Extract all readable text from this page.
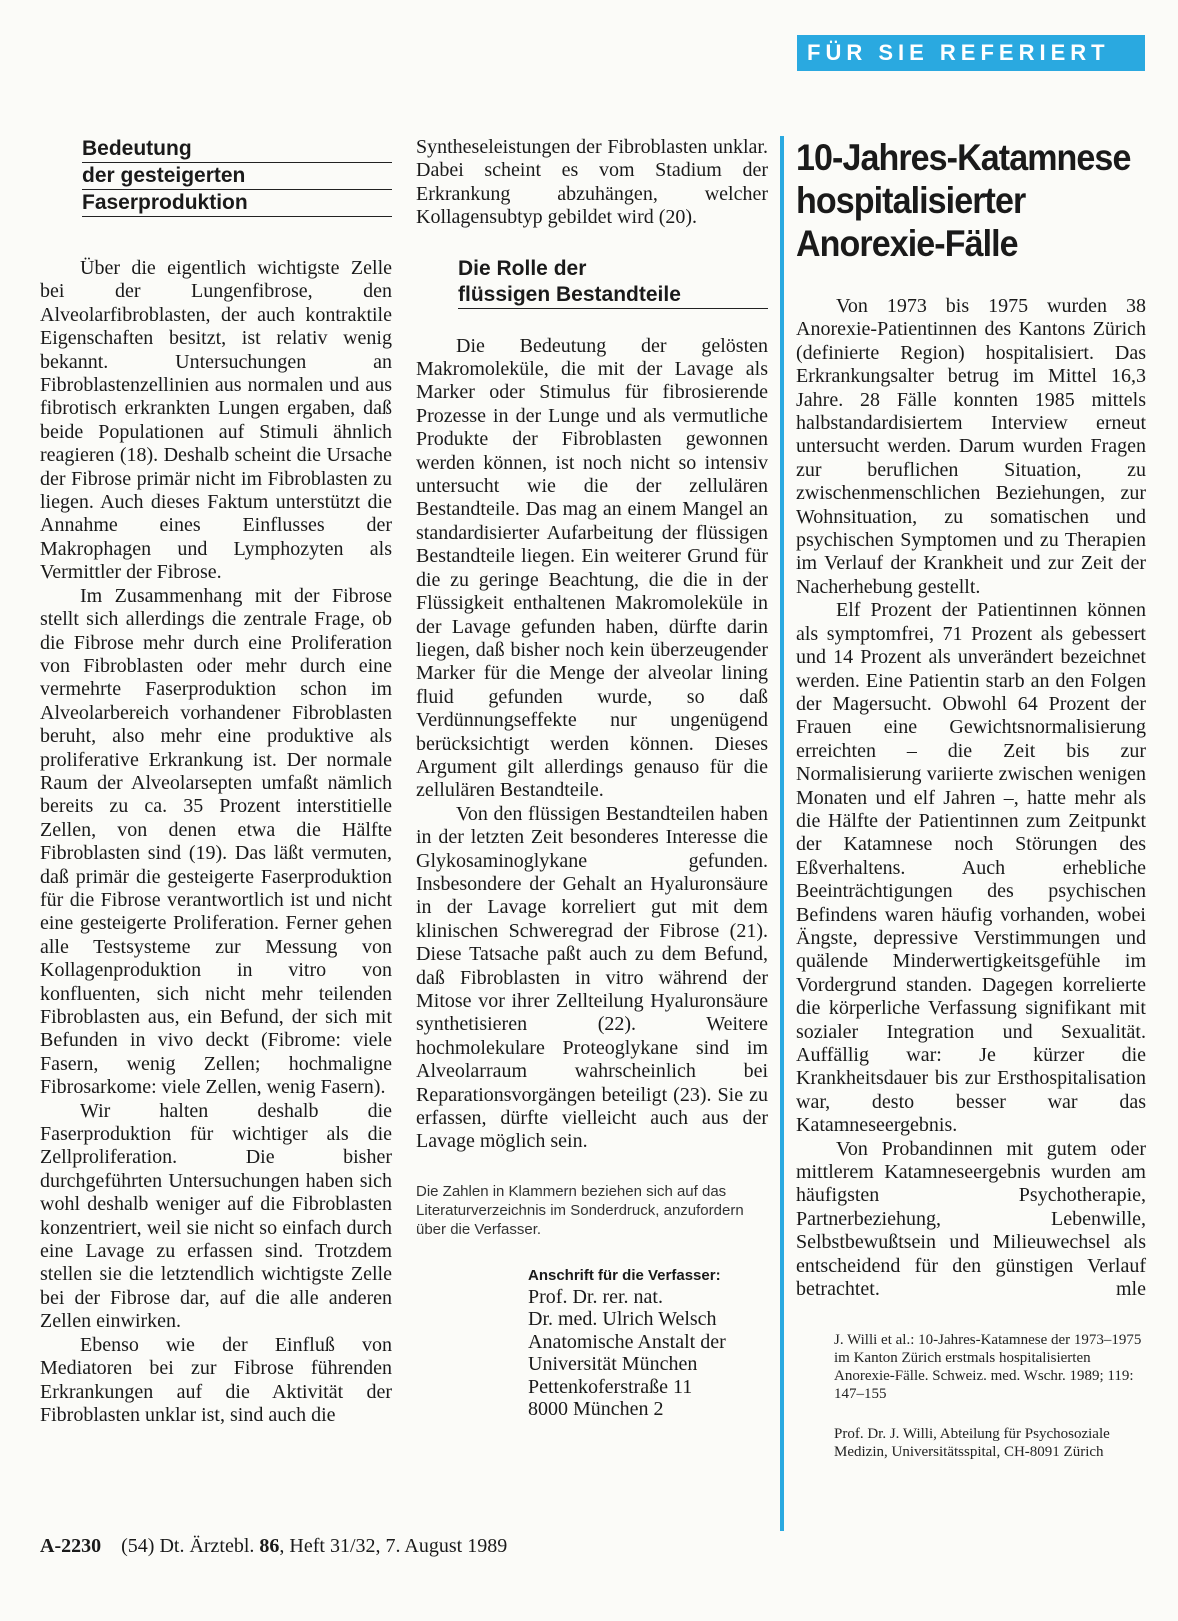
FÜR SIE REFERIERT
Bedeutung
der gesteigerten
Faserproduktion

Über die eigentlich wichtigste Zelle bei der Lungenfibrose, den Alveolarfibroblasten, der auch kontraktile Eigenschaften besitzt, ist relativ wenig bekannt. Untersuchungen an Fibroblastenzellinien aus normalen und aus fibrotisch erkrankten Lungen ergaben, daß beide Populationen auf Stimuli ähnlich reagieren (18). Deshalb scheint die Ursache der Fibrose primär nicht im Fibroblasten zu liegen. Auch dieses Faktum unterstützt die Annahme eines Einflusses der Makrophagen und Lymphozyten als Vermittler der Fibrose.

Im Zusammenhang mit der Fibrose stellt sich allerdings die zentrale Frage, ob die Fibrose mehr durch eine Proliferation von Fibroblasten oder mehr durch eine vermehrte Faserproduktion schon im Alveolarbereich vorhandener Fibroblasten beruht, also mehr eine produktive als proliferative Erkrankung ist. Der normale Raum der Alveolarsepten umfaßt nämlich bereits zu ca. 35 Prozent interstitielle Zellen, von denen etwa die Hälfte Fibroblasten sind (19). Das läßt vermuten, daß primär die gesteigerte Faserproduktion für die Fibrose verantwortlich ist und nicht eine gesteigerte Proliferation. Ferner gehen alle Testsysteme zur Messung von Kollagenproduktion in vitro von konfluenten, sich nicht mehr teilenden Fibroblasten aus, ein Befund, der sich mit Befunden in vivo deckt (Fibrome: viele Fasern, wenig Zellen; hochmaligne Fibrosarkome: viele Zellen, wenig Fasern).

Wir halten deshalb die Faserproduktion für wichtiger als die Zellproliferation. Die bisher durchgeführten Untersuchungen haben sich wohl deshalb weniger auf die Fibroblasten konzentriert, weil sie nicht so einfach durch eine Lavage zu erfassen sind. Trotzdem stellen sie die letztendlich wichtigste Zelle bei der Fibrose dar, auf die alle anderen Zellen einwirken.

Ebenso wie der Einfluß von Mediatoren bei zur Fibrose führenden Erkrankungen auf die Aktivität der Fibroblasten unklar ist, sind auch die

Syntheseleistungen der Fibroblasten unklar. Dabei scheint es vom Stadium der Erkrankung abzuhängen, welcher Kollagensubtyp gebildet wird (20).

Die Rolle der
flüssigen Bestandteile

Die Bedeutung der gelösten Makromoleküle, die mit der Lavage als Marker oder Stimulus für fibrosierende Prozesse in der Lunge und als vermutliche Produkte der Fibroblasten gewonnen werden können, ist noch nicht so intensiv untersucht wie die der zellulären Bestandteile. Das mag an einem Mangel an standardisierter Aufarbeitung der flüssigen Bestandteile liegen. Ein weiterer Grund für die zu geringe Beachtung, die die in der Flüssigkeit enthaltenen Makromoleküle in der Lavage gefunden haben, dürfte darin liegen, daß bisher noch kein überzeugender Marker für die Menge der alveolar lining fluid gefunden wurde, so daß Verdünnungseffekte nur ungenügend berücksichtigt werden können. Dieses Argument gilt allerdings genauso für die zellulären Bestandteile.

Von den flüssigen Bestandteilen haben in der letzten Zeit besonderes Interesse die Glykosaminoglykane gefunden. Insbesondere der Gehalt an Hyaluronsäure in der Lavage korreliert gut mit dem klinischen Schweregrad der Fibrose (21). Diese Tatsache paßt auch zu dem Befund, daß Fibroblasten in vitro während der Mitose vor ihrer Zellteilung Hyaluronsäure synthetisieren (22). Weitere hochmolekulare Proteoglykane sind im Alveolarraum wahrscheinlich bei Reparationsvorgängen beteiligt (23). Sie zu erfassen, dürfte vielleicht auch aus der Lavage möglich sein.

Die Zahlen in Klammern beziehen sich auf das Literaturverzeichnis im Sonderdruck, anzufordern über die Verfasser.

Anschrift für die Verfasser:
Prof. Dr. rer. nat.
Dr. med. Ulrich Welsch
Anatomische Anstalt der
Universität München
Pettenkoferstraße 11
8000 München 2
10-Jahres-Katamnese
hospitalisierter
Anorexie-Fälle

Von 1973 bis 1975 wurden 38 Anorexie-Patientinnen des Kantons Zürich (definierte Region) hospitalisiert. Das Erkrankungsalter betrug im Mittel 16,3 Jahre. 28 Fälle konnten 1985 mittels halbstandardisiertem Interview erneut untersucht werden. Darum wurden Fragen zur beruflichen Situation, zu zwischenmenschlichen Beziehungen, zur Wohnsituation, zu somatischen und psychischen Symptomen und zu Therapien im Verlauf der Krankheit und zur Zeit der Nacherhebung gestellt.

Elf Prozent der Patientinnen können als symptomfrei, 71 Prozent als gebessert und 14 Prozent als unverändert bezeichnet werden. Eine Patientin starb an den Folgen der Magersucht. Obwohl 64 Prozent der Frauen eine Gewichtsnormalisierung erreichten – die Zeit bis zur Normalisierung variierte zwischen wenigen Monaten und elf Jahren –, hatte mehr als die Hälfte der Patientinnen zum Zeitpunkt der Katamnese noch Störungen des Eßverhaltens. Auch erhebliche Beeinträchtigungen des psychischen Befindens waren häufig vorhanden, wobei Ängste, depressive Verstimmungen und quälende Minderwertigkeitsgefühle im Vordergrund standen. Dagegen korrelierte die körperliche Verfassung signifikant mit sozialer Integration und Sexualität. Auffällig war: Je kürzer die Krankheitsdauer bis zur Ersthospitalisation war, desto besser war das Katamneseergebnis.

Von Probandinnen mit gutem oder mittlerem Katamneseergebnis wurden am häufigsten Psychotherapie, Partnerbeziehung, Lebenwille, Selbstbewußtsein und Milieuwechsel als entscheidend für den günstigen Verlauf betrachtet.	mle

J. Willi et al.: 10-Jahres-Katamnese der 1973–1975 im Kanton Zürich erstmals hospitalisierten Anorexie-Fälle. Schweiz. med. Wschr. 1989; 119: 147–155

Prof. Dr. J. Willi, Abteilung für Psychosoziale Medizin, Universitätsspital, CH-8091 Zürich

A-2230 (54) Dt. Ärztebl. 86, Heft 31/32, 7. August 1989
